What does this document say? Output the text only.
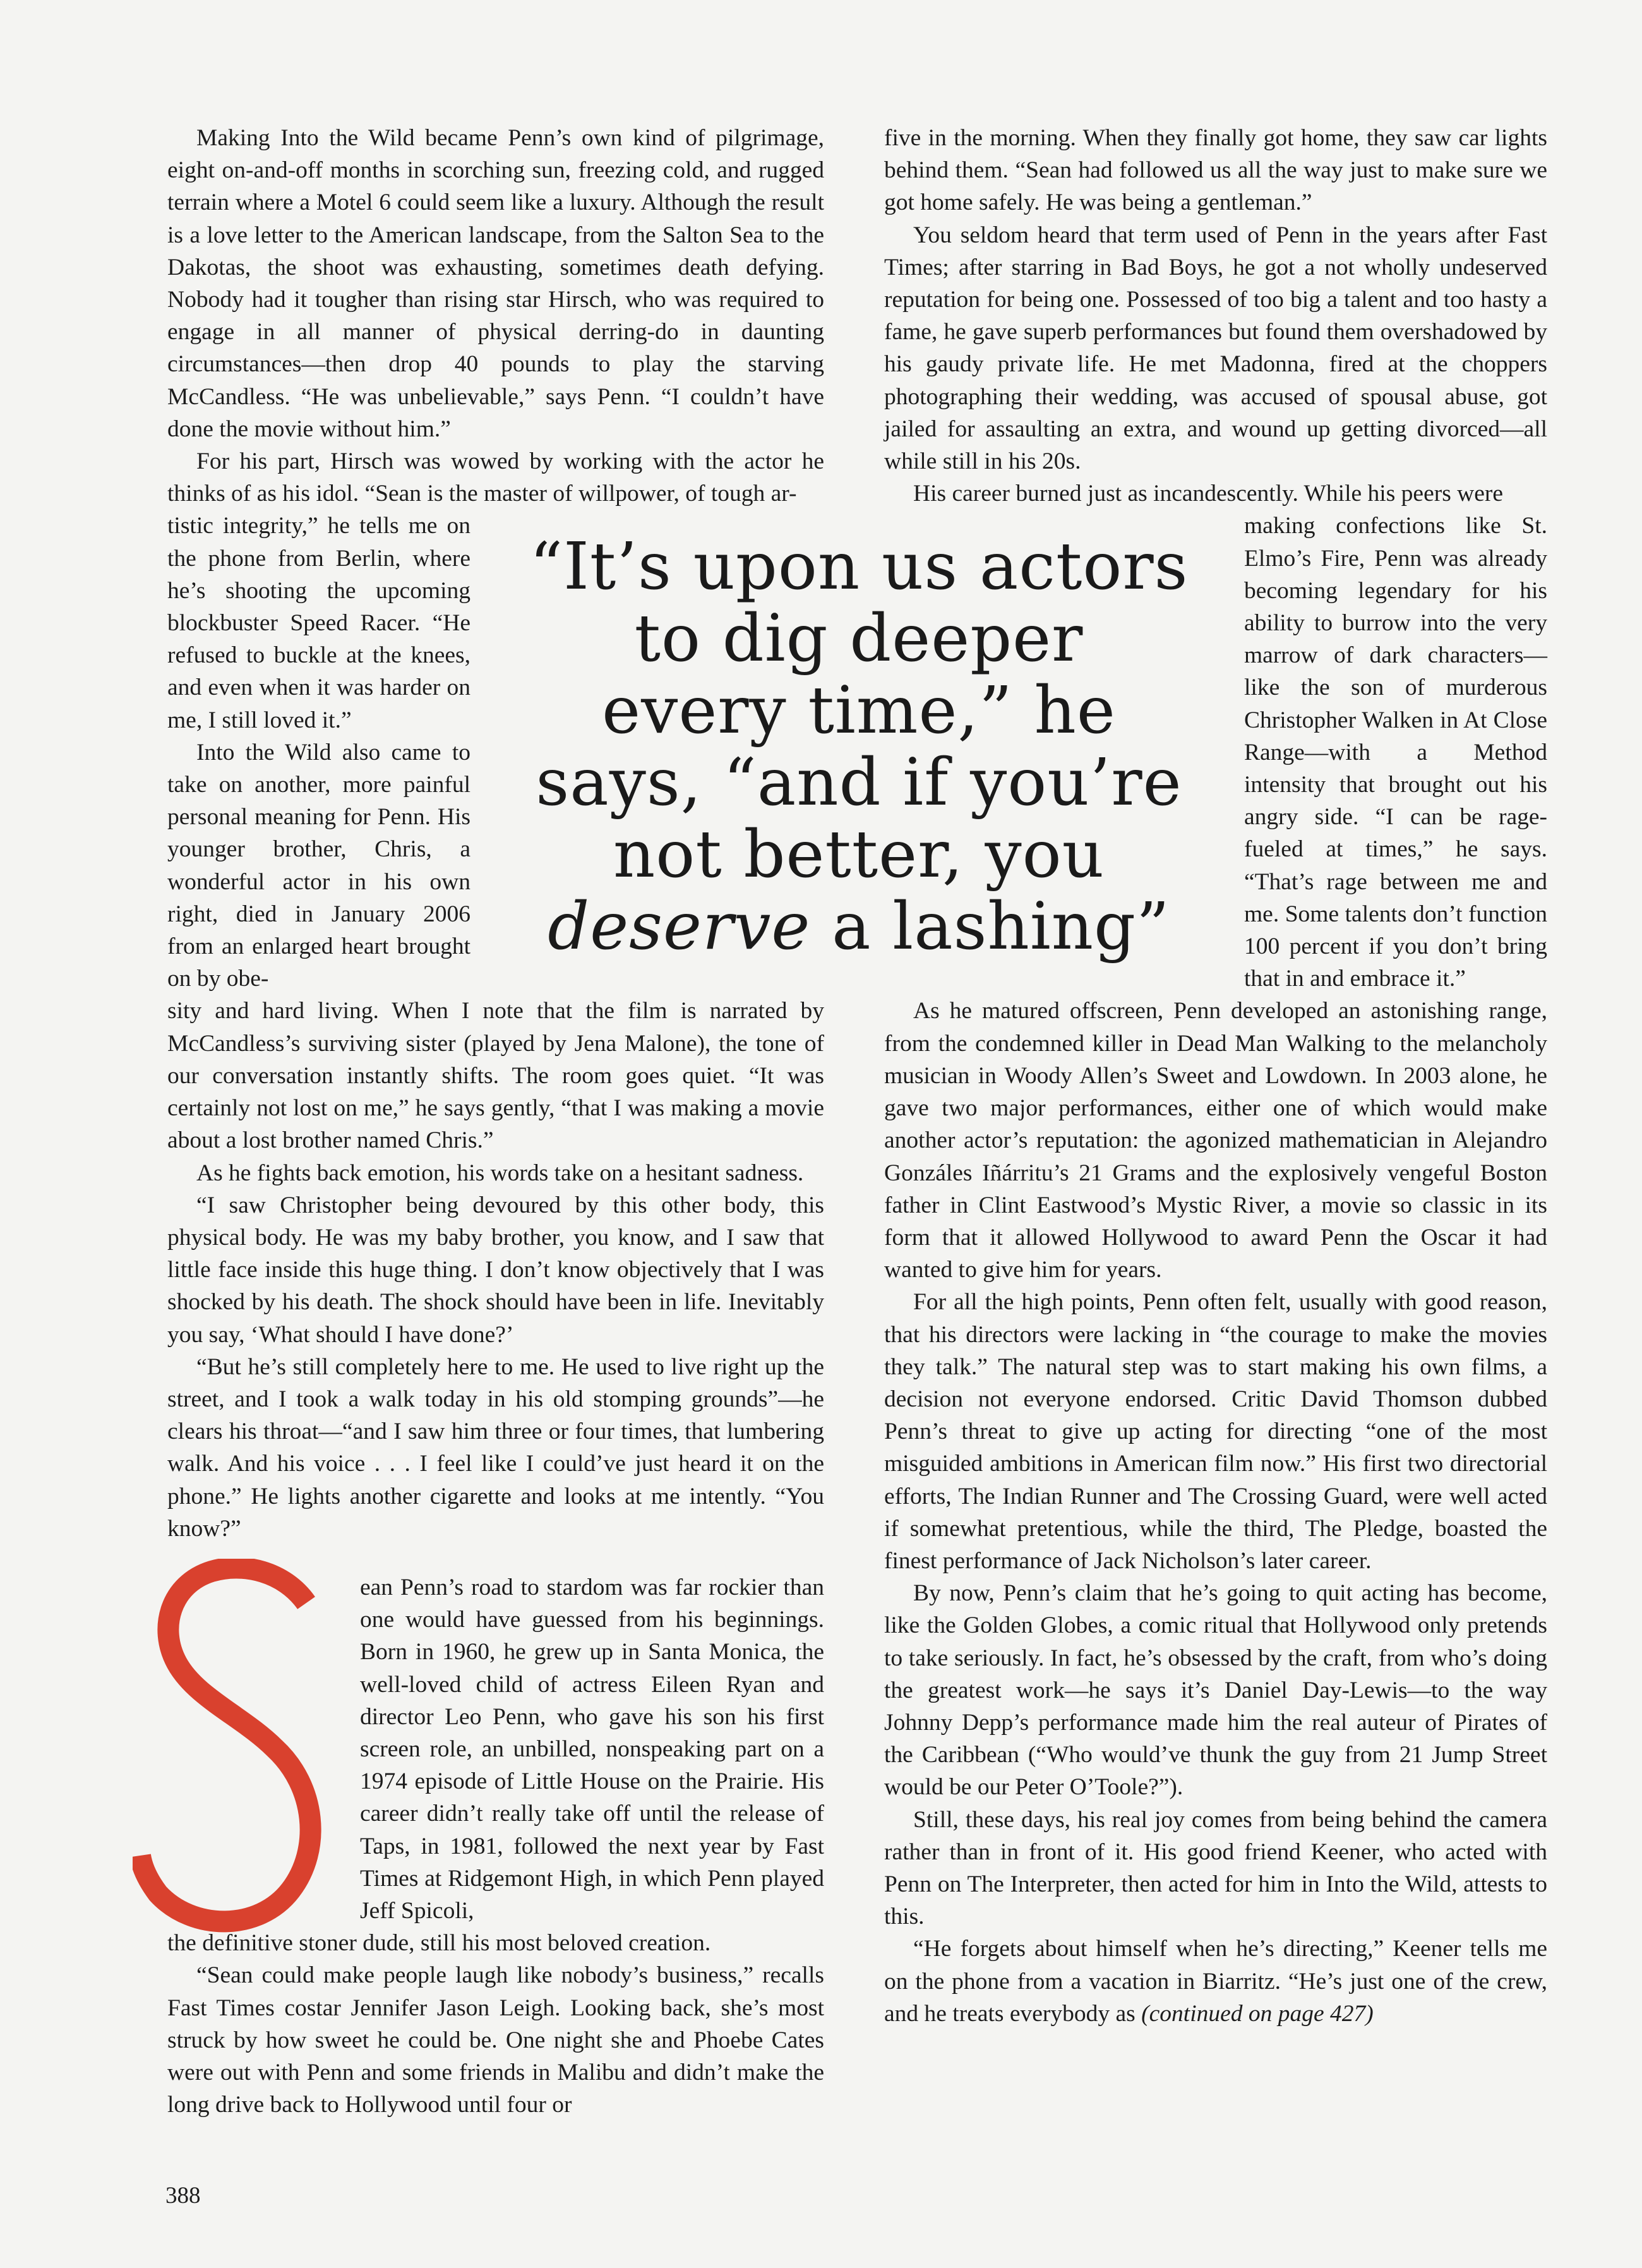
Making Into the Wild became Penn’s own kind of pilgrimage, eight on-and-off months in scorching sun, freezing cold, and rugged terrain where a Motel 6 could seem like a luxury. Although the result is a love letter to the American landscape, from the Salton Sea to the Dakotas, the shoot was exhausting, sometimes death defying. Nobody had it tougher than rising star Hirsch, who was required to engage in all manner of physical derring-do in daunting circumstances—then drop 40 pounds to play the starving McCandless. “He was unbelievable,” says Penn. “I couldn’t have done the movie without him.”

For his part, Hirsch was wowed by working with the actor he thinks of as his idol. “Sean is the master of willpower, of tough ar-

tistic integrity,” he tells me on the phone from Berlin, where he’s shooting the upcoming blockbuster Speed Racer. “He refused to buckle at the knees, and even when it was harder on me, I still loved it.”

Into the Wild also came to take on another, more painful personal meaning for Penn. His younger brother, Chris, a wonderful actor in his own right, died in January 2006 from an enlarged heart brought on by obe-

sity and hard living. When I note that the film is narrated by McCandless’s surviving sister (played by Jena Malone), the tone of our conversation instantly shifts. The room goes quiet. “It was certainly not lost on me,” he says gently, “that I was making a movie about a lost brother named Chris.”

As he fights back emotion, his words take on a hesitant sadness.

“I saw Christopher being devoured by this other body, this physical body. He was my baby brother, you know, and I saw that little face inside this huge thing. I don’t know objectively that I was shocked by his death. The shock should have been in life. Inevitably you say, ‘What should I have done?’

“But he’s still completely here to me. He used to live right up the street, and I took a walk today in his old stomping grounds”—he clears his throat—“and I saw him three or four times, that lumbering walk. And his voice . . . I feel like I could’ve just heard it on the phone.” He lights another cigarette and looks at me intently. “You know?”

ean Penn’s road to stardom was far rockier than one would have guessed from his beginnings. Born in 1960, he grew up in Santa Monica, the well-loved child of actress Eileen Ryan and director Leo Penn, who gave his son his first screen role, an unbilled, nonspeaking part on a 1974 episode of Little House on the Prairie. His career didn’t really take off until the release of Taps, in 1981, followed the next year by Fast Times at Ridgemont High, in which Penn played Jeff Spicoli,

the definitive stoner dude, still his most beloved creation.

“Sean could make people laugh like nobody’s business,” recalls Fast Times costar Jennifer Jason Leigh. Looking back, she’s most struck by how sweet he could be. One night she and Phoebe Cates were out with Penn and some friends in Malibu and didn’t make the long drive back to Hollywood until four or

five in the morning. When they finally got home, they saw car lights behind them. “Sean had followed us all the way just to make sure we got home safely. He was being a gentleman.”

You seldom heard that term used of Penn in the years after Fast Times; after starring in Bad Boys, he got a not wholly undeserved reputation for being one. Possessed of too big a talent and too hasty a fame, he gave superb performances but found them overshadowed by his gaudy private life. He met Madonna, fired at the choppers photographing their wedding, was accused of spousal abuse, got jailed for assaulting an extra, and wound up getting divorced—all while still in his 20s.

His career burned just as incandescently. While his peers were

making confections like St. Elmo’s Fire, Penn was already becoming legendary for his ability to burrow into the very marrow of dark characters—like the son of murderous Christopher Walken in At Close Range—with a Method intensity that brought out his angry side. “I can be rage-fueled at times,” he says. “That’s rage between me and me. Some talents don’t function 100 percent if you don’t bring that in and embrace it.”

As he matured offscreen, Penn developed an astonishing range, from the condemned killer in Dead Man Walking to the melancholy musician in Woody Allen’s Sweet and Lowdown. In 2003 alone, he gave two major performances, either one of which would make another actor’s reputation: the agonized mathematician in Alejandro Gonzáles Iñárritu’s 21 Grams and the explosively vengeful Boston father in Clint Eastwood’s Mystic River, a movie so classic in its form that it allowed Hollywood to award Penn the Oscar it had wanted to give him for years.

For all the high points, Penn often felt, usually with good reason, that his directors were lacking in “the courage to make the movies they talk.” The natural step was to start making his own films, a decision not everyone endorsed. Critic David Thomson dubbed Penn’s threat to give up acting for directing “one of the most misguided ambitions in American film now.” His first two directorial efforts, The Indian Runner and The Crossing Guard, were well acted if somewhat pretentious, while the third, The Pledge, boasted the finest performance of Jack Nicholson’s later career.

By now, Penn’s claim that he’s going to quit acting has become, like the Golden Globes, a comic ritual that Hollywood only pretends to take seriously. In fact, he’s obsessed by the craft, from who’s doing the greatest work—he says it’s Daniel Day-Lewis—to the way Johnny Depp’s performance made him the real auteur of Pirates of the Caribbean (“Who would’ve thunk the guy from 21 Jump Street would be our Peter O’Toole?”).

Still, these days, his real joy comes from being behind the camera rather than in front of it. His good friend Keener, who acted with Penn on The Interpreter, then acted for him in Into the Wild, attests to this.

“He forgets about himself when he’s directing,” Keener tells me on the phone from a vacation in Biarritz. “He’s just one of the crew, and he treats everybody as (continued on page 427)

“It’s upon us actors
to dig deeper
every time,” he
says, “and if you’re
not better, you
deserve a lashing”
388
